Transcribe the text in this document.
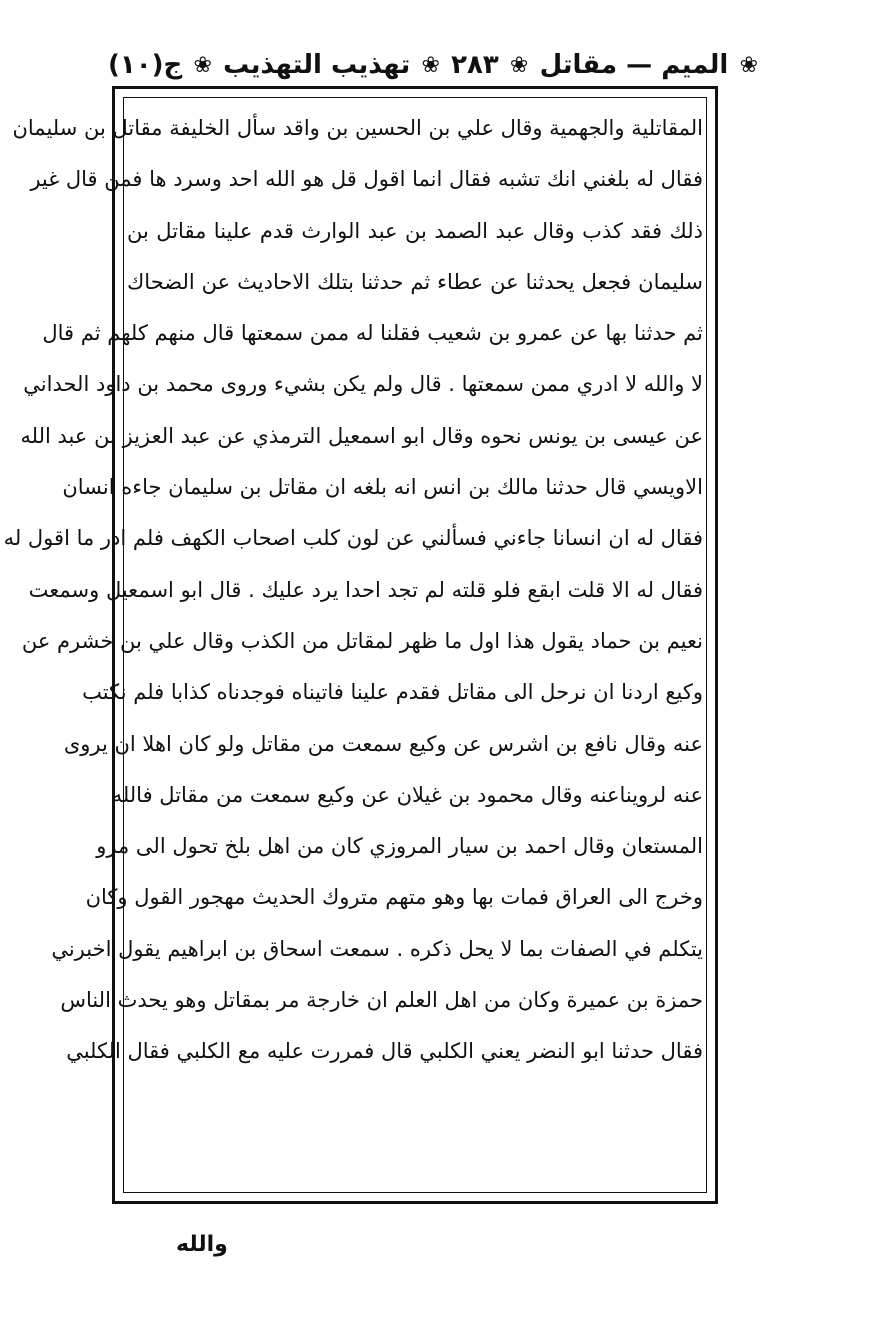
ج(١٠) ❀ تهذيب التهذيب ❀ ٢٨٣ ❀ الميم — مقاتل ❀
المقاتلية والجهمية وقال علي بن الحسين بن واقد سأل الخليفة مقاتل بن سليمان
فقال له بلغني انك تشبه فقال انما اقول قل هو الله احد وسرد ها فمن قال غير
ذلك فقد كذب وقال عبد الصمد بن عبد الوارث قدم علينا مقاتل بن
سليمان فجعل يحدثنا عن عطاء ثم حدثنا بتلك الاحاديث عن الضحاك
ثم حدثنا بها عن عمرو بن شعيب فقلنا له ممن سمعتها قال منهم كلهم ثم قال
لا والله لا ادري ممن سمعتها . قال ولم يكن بشيء وروى محمد بن داود الحداني
عن عيسى بن يونس نحوه وقال ابو اسمعيل الترمذي عن عبد العزيز بن عبد الله
الاويسي قال حدثنا مالك بن انس انه بلغه ان مقاتل بن سليمان جاءه انسان
فقال له ان انسانا جاءني فسألني عن لون كلب اصحاب الكهف فلم ادر ما اقول له
فقال له الا قلت ابقع فلو قلته لم تجد احدا يرد عليك . قال ابو اسمعيل وسمعت
نعيم بن حماد يقول هذا اول ما ظهر لمقاتل من الكذب وقال علي بن خشرم عن
وكيع اردنا ان نرحل الى مقاتل فقدم علينا فاتيناه فوجدناه كذابا فلم نكتب
عنه وقال نافع بن اشرس عن وكيع سمعت من مقاتل ولو كان اهلا ان يروى
عنه لرويناعنه وقال محمود بن غيلان عن وكيع سمعت من مقاتل فالله
المستعان وقال احمد بن سيار المروزي كان من اهل بلخ تحول الى مرو
وخرج الى العراق فمات بها وهو متهم متروك الحديث مهجور القول وكان
يتكلم في الصفات بما لا يحل ذكره . سمعت اسحاق بن ابراهيم يقول اخبرني
حمزة بن عميرة وكان من اهل العلم ان خارجة مر بمقاتل وهو يحدث الناس
فقال حدثنا ابو النضر يعني الكلبي قال فمررت عليه مع الكلبي فقال الكلبي
والله
